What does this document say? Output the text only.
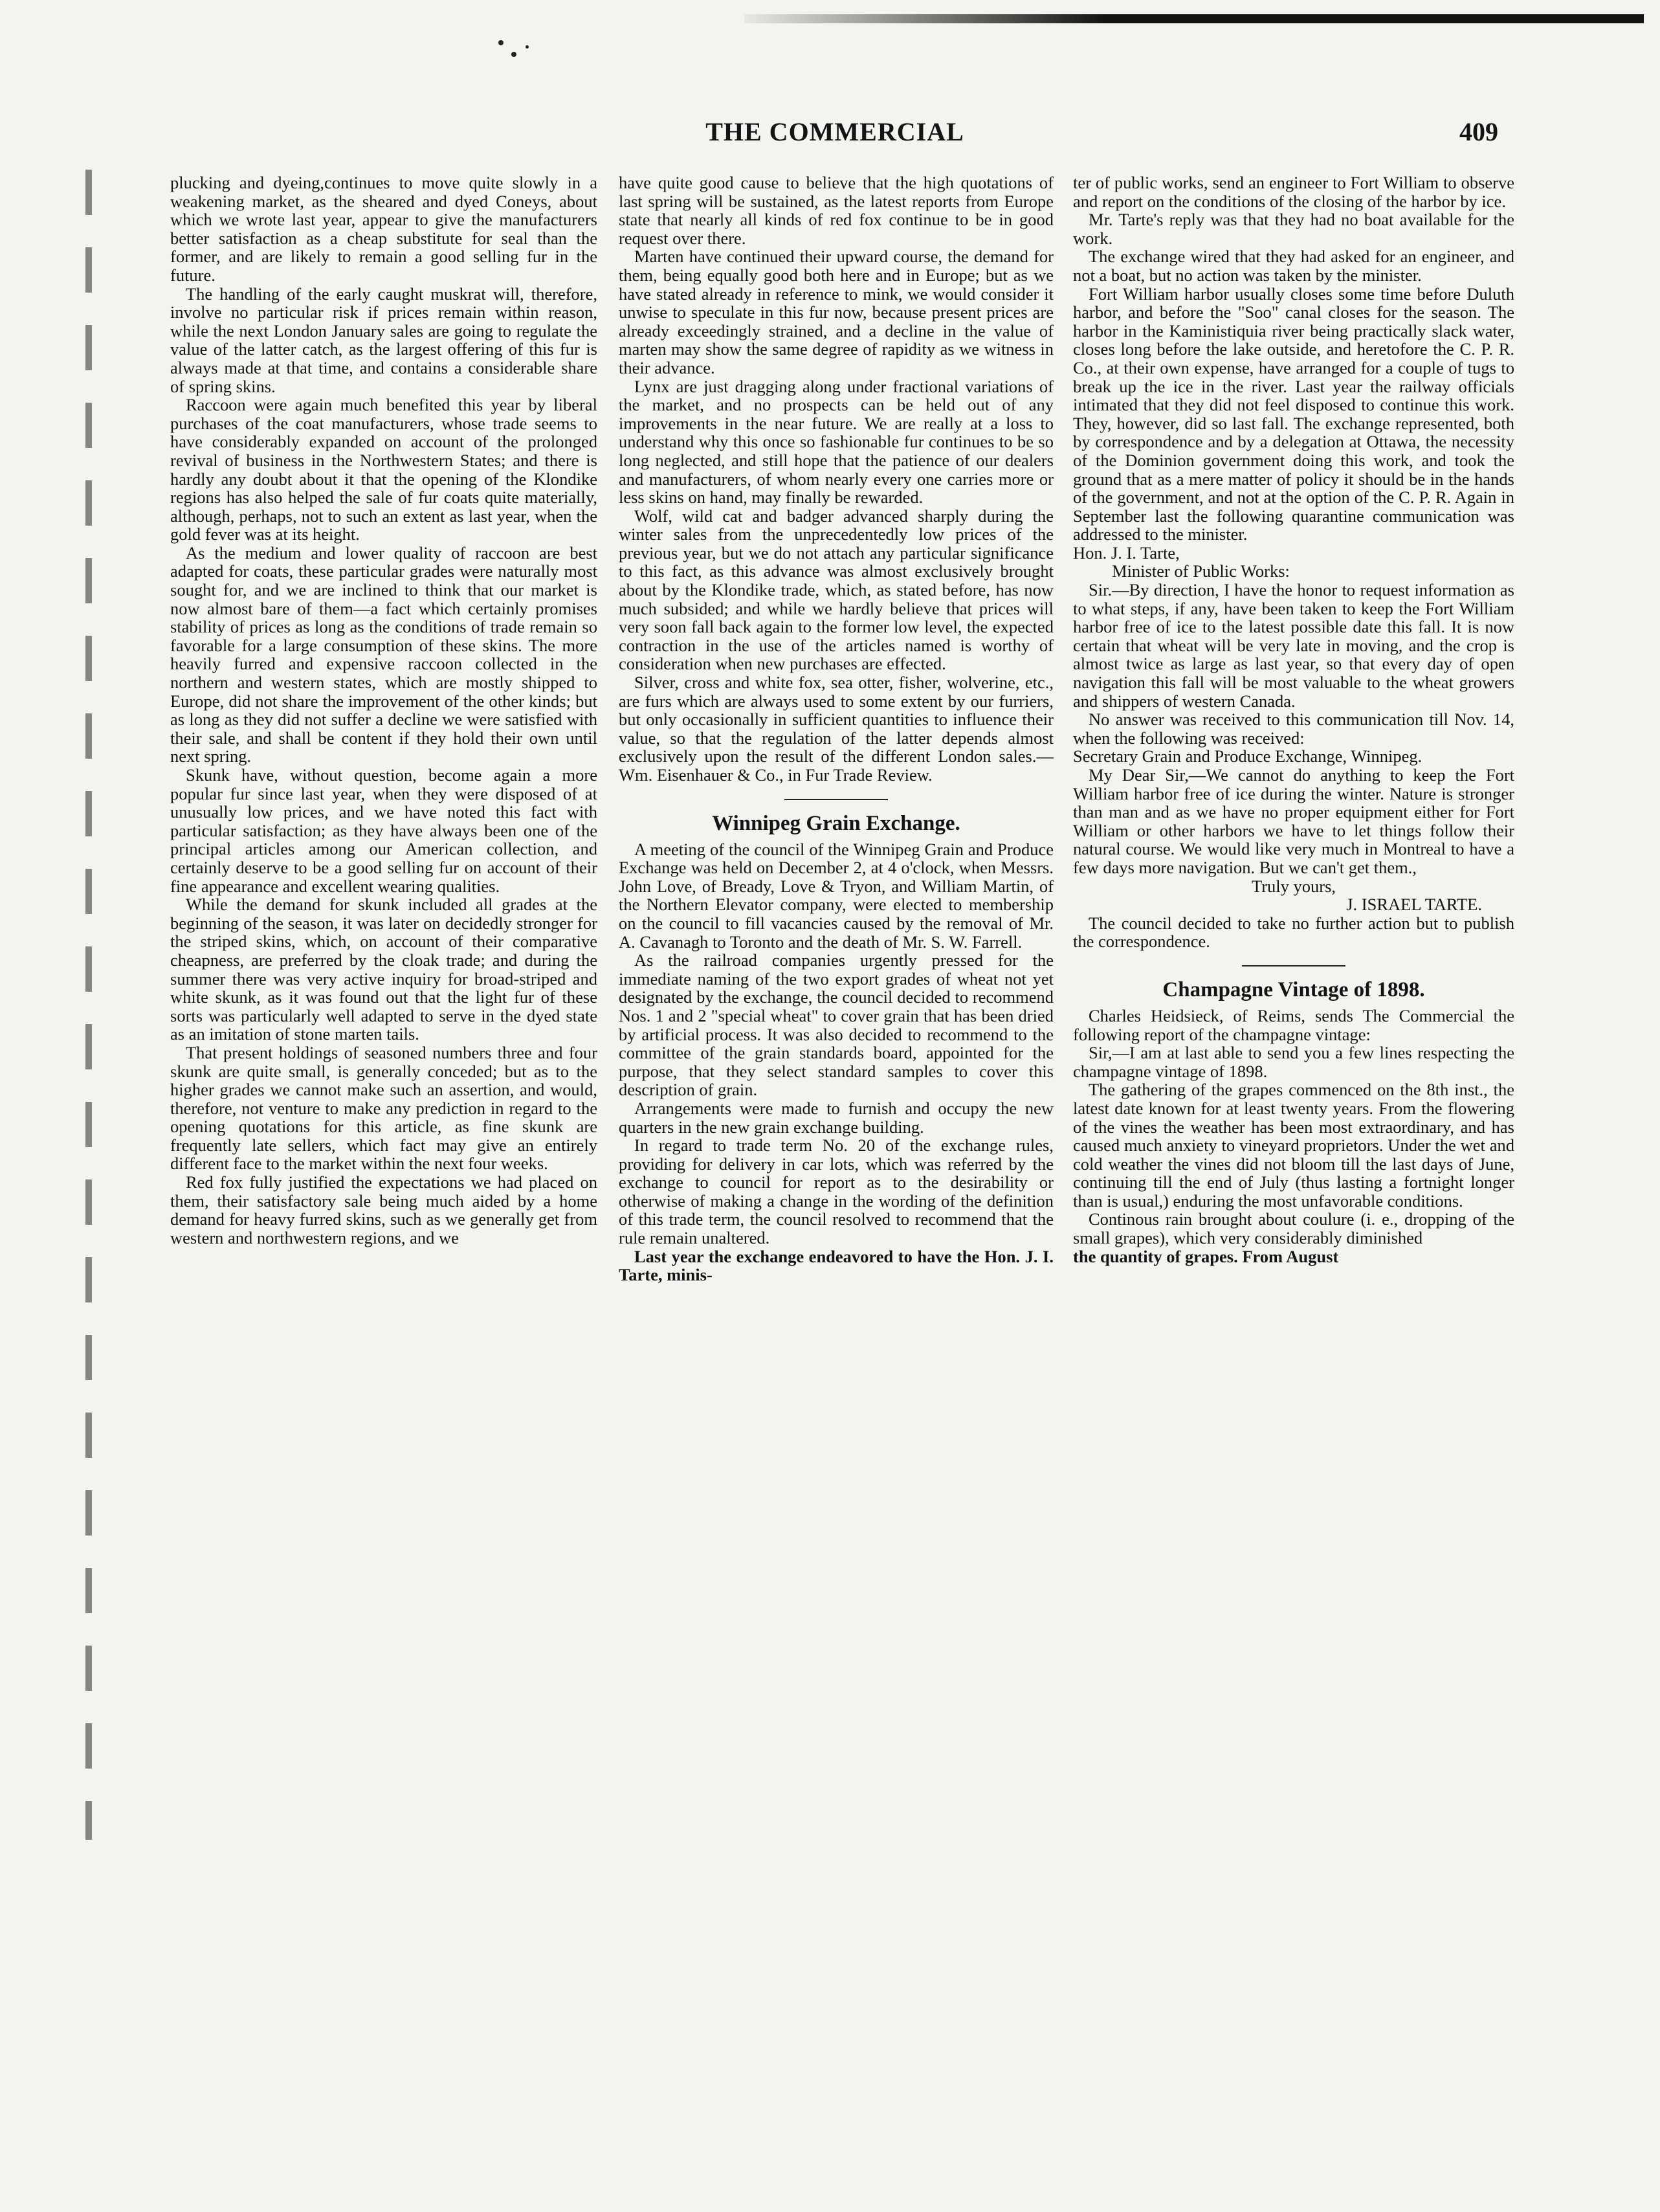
THE COMMERCIAL	409

plucking and dyeing,continues to move quite slowly in a weakening market, as the sheared and dyed Coneys, about which we wrote last year, appear to give the manufacturers better satisfaction as a cheap substitute for seal than the former, and are likely to remain a good selling fur in the future.

The handling of the early caught muskrat will, therefore, involve no particular risk if prices remain within reason, while the next London January sales are going to regulate the value of the latter catch, as the largest offering of this fur is always made at that time, and contains a considerable share of spring skins.

Raccoon were again much benefited this year by liberal purchases of the coat manufacturers, whose trade seems to have considerably expanded on account of the prolonged revival of business in the Northwestern States; and there is hardly any doubt about it that the opening of the Klondike regions has also helped the sale of fur coats quite materially, although, perhaps, not to such an extent as last year, when the gold fever was at its height.

As the medium and lower quality of raccoon are best adapted for coats, these particular grades were naturally most sought for, and we are inclined to think that our market is now almost bare of them—a fact which certainly promises stability of prices as long as the conditions of trade remain so favorable for a large consumption of these skins. The more heavily furred and expensive raccoon collected in the northern and western states, which are mostly shipped to Europe, did not share the improvement of the other kinds; but as long as they did not suffer a decline we were satisfied with their sale, and shall be content if they hold their own until next spring.

Skunk have, without question, become again a more popular fur since last year, when they were disposed of at unusually low prices, and we have noted this fact with particular satisfaction; as they have always been one of the principal articles among our American collection, and certainly deserve to be a good selling fur on account of their fine appearance and excellent wearing qualities.

While the demand for skunk included all grades at the beginning of the season, it was later on decidedly stronger for the striped skins, which, on account of their comparative cheapness, are preferred by the cloak trade; and during the summer there was very active inquiry for broad-striped and white skunk, as it was found out that the light fur of these sorts was particularly well adapted to serve in the dyed state as an imitation of stone marten tails.

That present holdings of seasoned numbers three and four skunk are quite small, is generally conceded; but as to the higher grades we cannot make such an assertion, and would, therefore, not venture to make any prediction in regard to the opening quotations for this article, as fine skunk are frequently late sellers, which fact may give an entirely different face to the market within the next four weeks.

Red fox fully justified the expectations we had placed on them, their satisfactory sale being much aided by a home demand for heavy furred skins, such as we generally get from western and northwestern regions, and we

have quite good cause to believe that the high quotations of last spring will be sustained, as the latest reports from Europe state that nearly all kinds of red fox continue to be in good request over there.

Marten have continued their upward course, the demand for them, being equally good both here and in Europe; but as we have stated already in reference to mink, we would consider it unwise to speculate in this fur now, because present prices are already exceedingly strained, and a decline in the value of marten may show the same degree of rapidity as we witness in their advance.

Lynx are just dragging along under fractional variations of the market, and no prospects can be held out of any improvements in the near future. We are really at a loss to understand why this once so fashionable fur continues to be so long neglected, and still hope that the patience of our dealers and manufacturers, of whom nearly every one carries more or less skins on hand, may finally be rewarded.

Wolf, wild cat and badger advanced sharply during the winter sales from the unprecedentedly low prices of the previous year, but we do not attach any particular significance to this fact, as this advance was almost exclusively brought about by the Klondike trade, which, as stated before, has now much subsided; and while we hardly believe that prices will very soon fall back again to the former low level, the expected contraction in the use of the articles named is worthy of consideration when new purchases are effected.

Silver, cross and white fox, sea otter, fisher, wolverine, etc., are furs which are always used to some extent by our furriers, but only occasionally in sufficient quantities to influence their value, so that the regulation of the latter depends almost exclusively upon the result of the different London sales.—Wm. Eisenhauer & Co., in Fur Trade Review.

Winnipeg Grain Exchange.

A meeting of the council of the Winnipeg Grain and Produce Exchange was held on December 2, at 4 o'clock, when Messrs. John Love, of Bready, Love & Tryon, and William Martin, of the Northern Elevator company, were elected to membership on the council to fill vacancies caused by the removal of Mr. A. Cavanagh to Toronto and the death of Mr. S. W. Farrell.

As the railroad companies urgently pressed for the immediate naming of the two export grades of wheat not yet designated by the exchange, the council decided to recommend Nos. 1 and 2 "special wheat" to cover grain that has been dried by artificial process. It was also decided to recommend to the committee of the grain standards board, appointed for the purpose, that they select standard samples to cover this description of grain.

Arrangements were made to furnish and occupy the new quarters in the new grain exchange building.

In regard to trade term No. 20 of the exchange rules, providing for delivery in car lots, which was referred by the exchange to council for report as to the desirability or otherwise of making a change in the wording of the definition of this trade term, the council resolved to recommend that the rule remain unaltered.

Last year the exchange endeavored to have the Hon. J. I. Tarte, minis-

ter of public works, send an engineer to Fort William to observe and report on the conditions of the closing of the harbor by ice.

Mr. Tarte's reply was that they had no boat available for the work.

The exchange wired that they had asked for an engineer, and not a boat, but no action was taken by the minister.

Fort William harbor usually closes some time before Duluth harbor, and before the "Soo" canal closes for the season. The harbor in the Kaministiquia river being practically slack water, closes long before the lake outside, and heretofore the C. P. R. Co., at their own expense, have arranged for a couple of tugs to break up the ice in the river. Last year the railway officials intimated that they did not feel disposed to continue this work. They, however, did so last fall. The exchange represented, both by correspondence and by a delegation at Ottawa, the necessity of the Dominion government doing this work, and took the ground that as a mere matter of policy it should be in the hands of the government, and not at the option of the C. P. R. Again in September last the following quarantine communication was addressed to the minister.

Hon. J. I. Tarte,

Minister of Public Works:

Sir.—By direction, I have the honor to request information as to what steps, if any, have been taken to keep the Fort William harbor free of ice to the latest possible date this fall. It is now certain that wheat will be very late in moving, and the crop is almost twice as large as last year, so that every day of open navigation this fall will be most valuable to the wheat growers and shippers of western Canada.

No answer was received to this communication till Nov. 14, when the following was received:

Secretary Grain and Produce Exchange, Winnipeg.

My Dear Sir,—We cannot do anything to keep the Fort William harbor free of ice during the winter. Nature is stronger than man and as we have no proper equipment either for Fort William or other harbors we have to let things follow their natural course. We would like very much in Montreal to have a few days more navigation. But we can't get them.,

Truly yours,

J. ISRAEL TARTE.

The council decided to take no further action but to publish the correspondence.

Champagne Vintage of 1898.

Charles Heidsieck, of Reims, sends The Commercial the following report of the champagne vintage:

Sir,—I am at last able to send you a few lines respecting the champagne vintage of 1898.

The gathering of the grapes commenced on the 8th inst., the latest date known for at least twenty years. From the flowering of the vines the weather has been most extraordinary, and has caused much anxiety to vineyard proprietors. Under the wet and cold weather the vines did not bloom till the last days of June, continuing till the end of July (thus lasting a fortnight longer than is usual,) enduring the most unfavorable conditions.

Continous rain brought about coulure (i. e., dropping of the small grapes), which very considerably diminished

the quantity of grapes. From August
